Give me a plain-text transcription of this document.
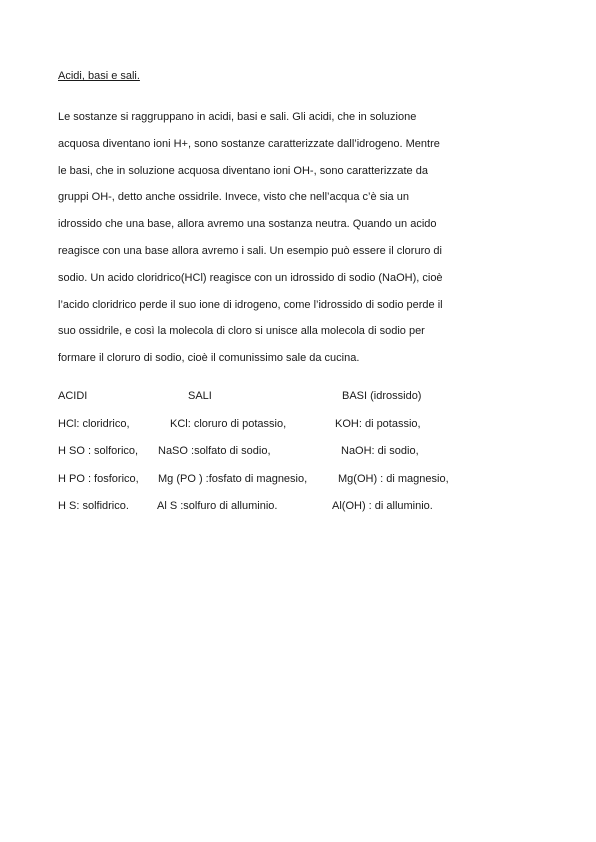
Acidi, basi e sali.
Le sostanze si raggruppano in acidi, basi e sali. Gli acidi, che in soluzione
acquosa diventano ioni H+, sono sostanze caratterizzate dall’idrogeno. Mentre
le basi, che in soluzione acquosa diventano ioni OH-, sono caratterizzate da
gruppi OH-, detto anche ossidrile. Invece, visto che nell’acqua c’è sia un
idrossido che una base, allora avremo una sostanza neutra. Quando un acido
reagisce con una base allora avremo i sali. Un esempio può essere il cloruro di
sodio. Un acido cloridrico(HCl) reagisce con un idrossido di sodio (NaOH), cioè
l’acido cloridrico perde il suo ione di idrogeno, come l’idrossido di sodio perde il
suo ossidrile, e così la molecola di cloro si unisce alla molecola di sodio per
formare il cloruro di sodio, cioè il comunissimo sale da cucina.
ACIDI	SALI	BASI (idrossido)
HCl: cloridrico,	KCl: cloruro di potassio,	KOH: di potassio,
H SO : solforico, NaSO :solfato di sodio,	NaOH: di sodio,
H PO : fosforico, Mg (PO ) :fosfato di magnesio,	Mg(OH) : di magnesio,
H S: solfidrico.	Al S :solfuro di alluminio.	Al(OH) : di alluminio.
